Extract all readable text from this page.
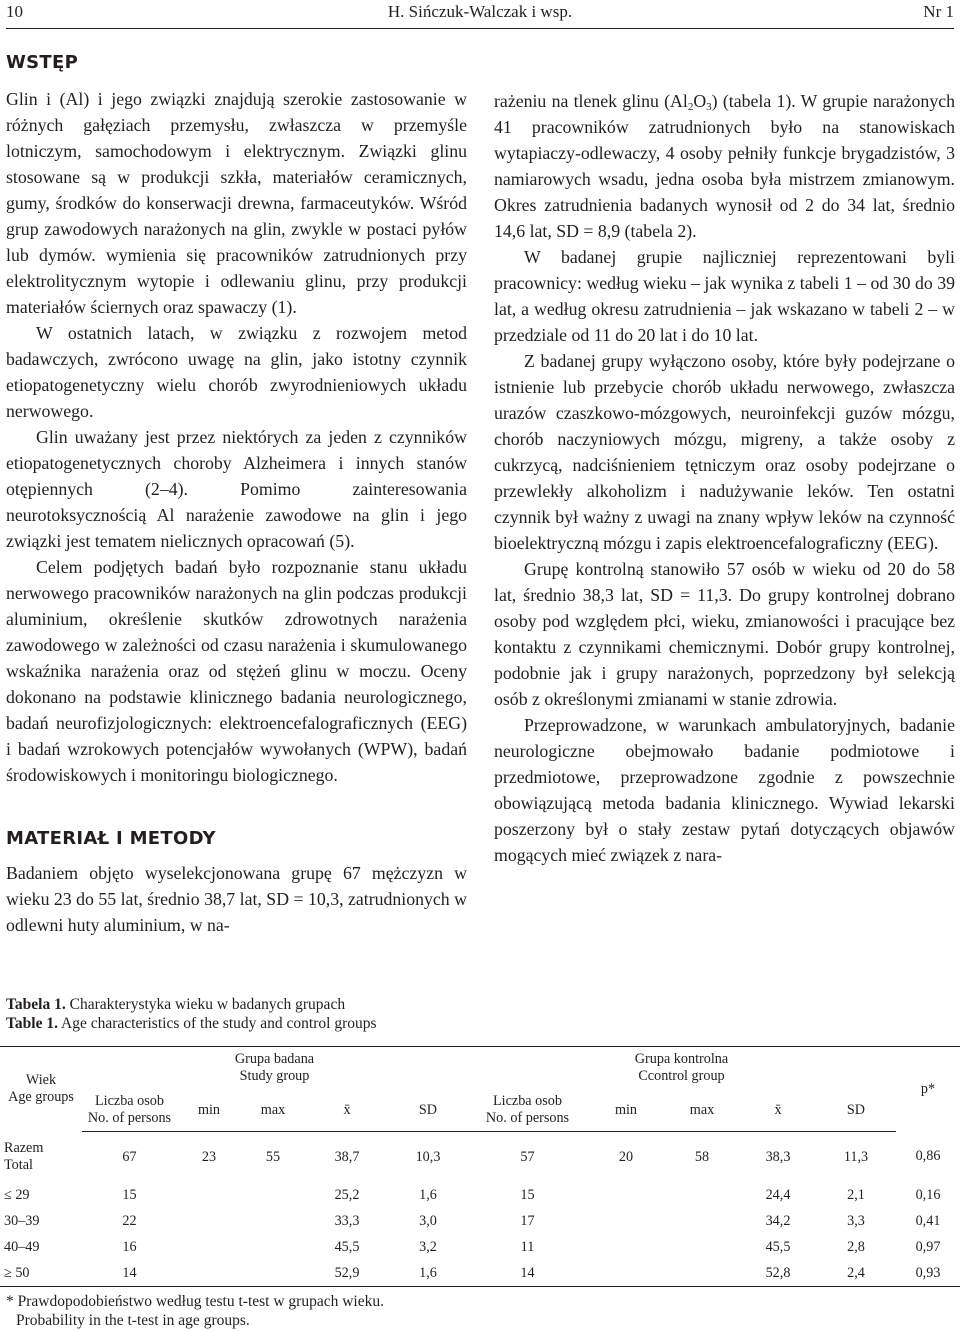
10	H. Sińczuk-Walczak i wsp.	Nr 1
WSTĘP

Glin i (Al) i jego związki znajdują szerokie zastosowanie w różnych gałęziach przemysłu, zwłaszcza w przemyśle lotniczym, samochodowym i elektrycznym. Związki glinu stosowane są w produkcji szkła, materiałów ceramicznych, gumy, środków do konserwacji drewna, farmaceutyków. Wśród grup zawodowych narażonych na glin, zwykle w postaci pyłów lub dymów. wymienia się pracowników zatrudnionych przy elektrolitycznym wytopie i odlewaniu glinu, przy produkcji materiałów ściernych oraz spawaczy (1).

W ostatnich latach, w związku z rozwojem metod badawczych, zwrócono uwagę na glin, jako istotny czynnik etiopatogenetyczny wielu chorób zwyrodnieniowych układu nerwowego.

Glin uważany jest przez niektórych za jeden z czynników etiopatogenetycznych choroby Alzheimera i innych stanów otępiennych (2–4). Pomimo zainteresowania neurotoksycznością Al narażenie zawodowe na glin i jego związki jest tematem nielicznych opracowań (5).

Celem podjętych badań było rozpoznanie stanu układu nerwowego pracowników narażonych na glin podczas produkcji aluminium, określenie skutków zdrowotnych narażenia zawodowego w zależności od czasu narażenia i skumulowanego wskaźnika narażenia oraz od stężeń glinu w moczu. Oceny dokonano na podstawie klinicznego badania neurologicznego, badań neurofizjologicznych: elektroencefalograficznych (EEG) i badań wzrokowych potencjałów wywołanych (WPW), badań środowiskowych i monitoringu biologicznego.

MATERIAŁ I METODY

Badaniem objęto wyselekcjonowana grupę 67 mężczyzn w wieku 23 do 55 lat, średnio 38,7 lat, SD = 10,3, zatrudnionych w odlewni huty aluminium, w na-

rażeniu na tlenek glinu $(Al_2O_3)$ (tabela 1). W grupie narażonych 41 pracowników zatrudnionych było na stanowiskach wytapiaczy-odlewaczy, 4 osoby pełniły funkcje brygadzistów, 3 namiarowych wsadu, jedna osoba była mistrzem zmianowym. Okres zatrudnienia badanych wynosił od 2 do 34 lat, średnio 14,6 lat, SD = 8,9 (tabela 2).

W badanej grupie najliczniej reprezentowani byli pracownicy: według wieku – jak wynika z tabeli 1 – od 30 do 39 lat, a według okresu zatrudnienia – jak wskazano w tabeli 2 – w przedziale od 11 do 20 lat i do 10 lat.

Z badanej grupy wyłączono osoby, które były podejrzane o istnienie lub przebycie chorób układu nerwowego, zwłaszcza urazów czaszkowo-mózgowych, neuroinfekcji guzów mózgu, chorób naczyniowych mózgu, migreny, a także osoby z cukrzycą, nadciśnieniem tętniczym oraz osoby podejrzane o przewlekły alkoholizm i nadużywanie leków. Ten ostatni czynnik był ważny z uwagi na znany wpływ leków na czynność bioelektryczną mózgu i zapis elektroencefalograficzny (EEG).

Grupę kontrolną stanowiło 57 osób w wieku od 20 do 58 lat, średnio 38,3 lat, SD = 11,3. Do grupy kontrolnej dobrano osoby pod względem płci, wieku, zmianowości i pracujące bez kontaktu z czynnikami chemicznymi. Dobór grupy kontrolnej, podobnie jak i grupy narażonych, poprzedzony był selekcją osób z określonymi zmianami w stanie zdrowia.

Przeprowadzone, w warunkach ambulatoryjnych, badanie neurologiczne obejmowało badanie podmiotowe i przedmiotowe, przeprowadzone zgodnie z powszechnie obowiązującą metoda badania klinicznego. Wywiad lekarski poszerzony był o stały zestaw pytań dotyczących objawów mogących mieć związek z nara-

Tabela 1. Charakterystyka wieku w badanych grupach
Table 1. Age characteristics of the study and control groups
Wiek
Age groups	Grupa badana
Study group					Grupa kontrolna
Ccontrol group					p*
	Liczba osob
No. of persons	min	max	x̄	SD	Liczba osob
No. of persons	min	max	x̄	SD	
Razem
Total	67	23	55	38,7	10,3	57	20	58	38,3	11,3	0,86
≤ 29	15			25,2	1,6	15			24,4	2,1	0,16
30–39	22			33,3	3,0	17			34,2	3,3	0,41
40–49	16			45,5	3,2	11			45,5	2,8	0,97
≥ 50	14			52,9	1,6	14			52,8	2,4	0,93
* Prawdopodobieństwo według testu t-test w grupach wieku.
Probability in the t-test in age groups.
